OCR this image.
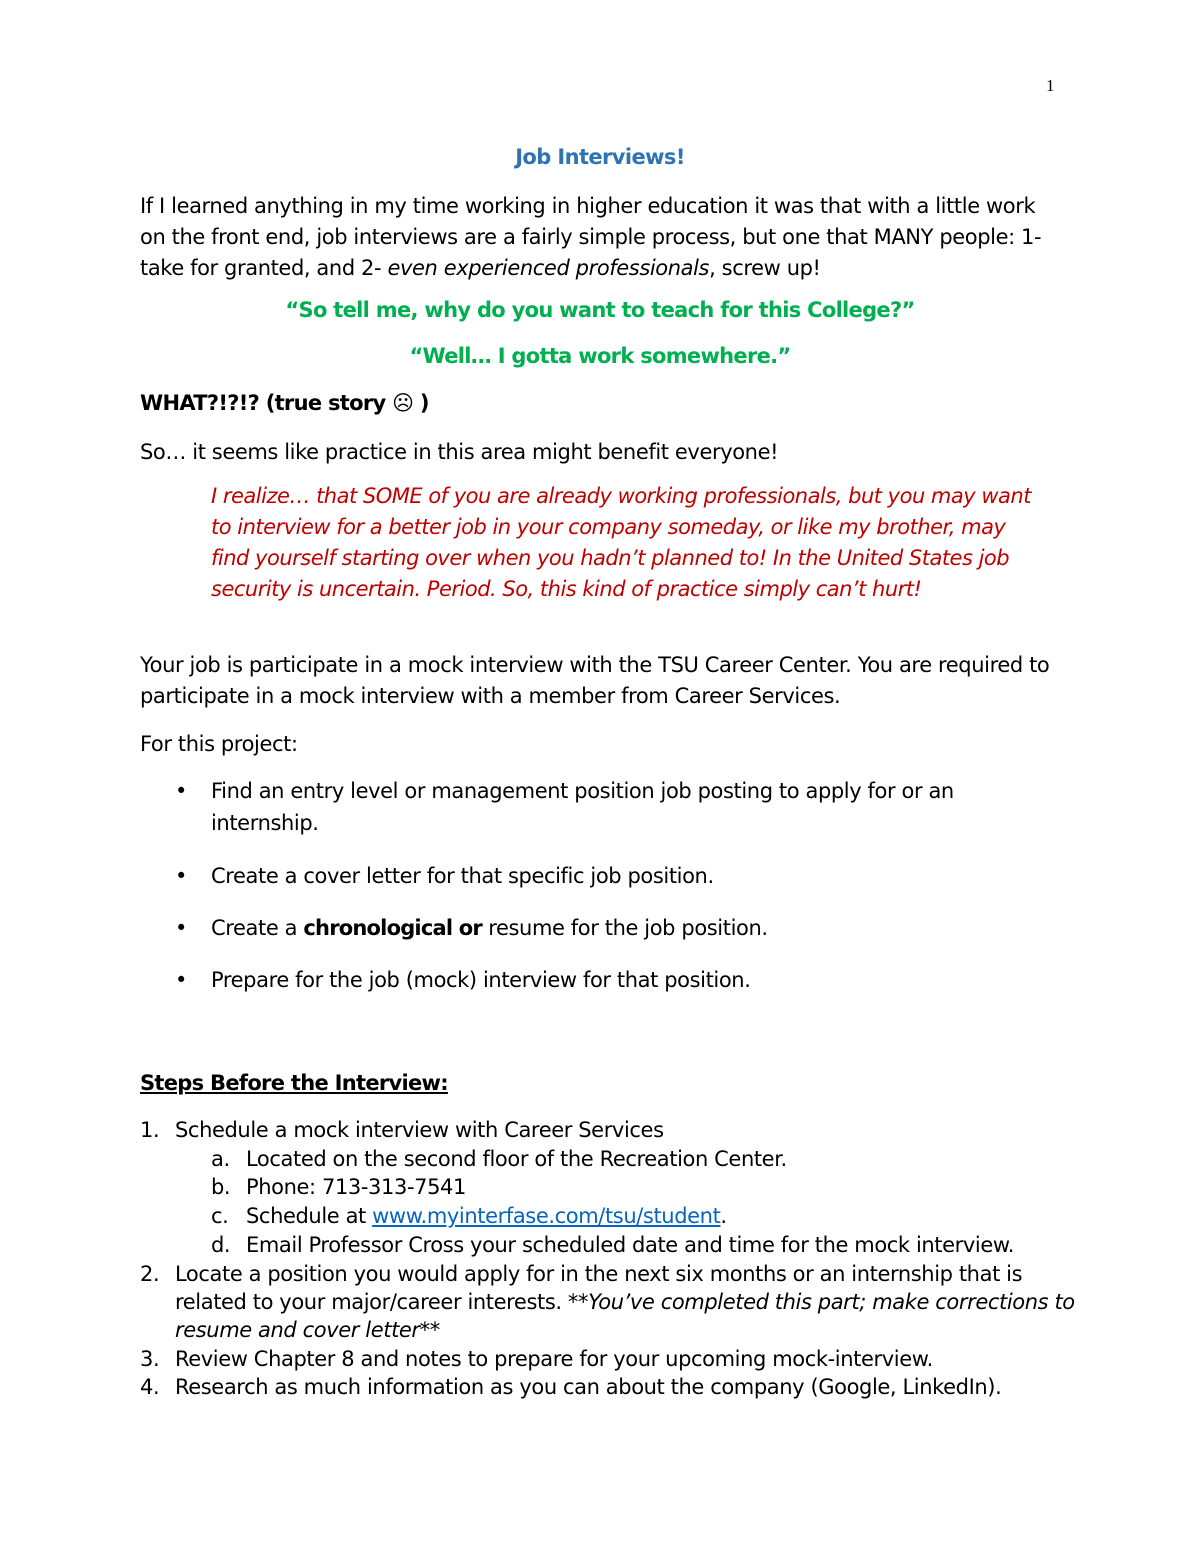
1
Job Interviews!
If I learned anything in my time working in higher education it was that with a little work on the front end, job interviews are a fairly simple process, but one that MANY people: 1- take for granted, and 2- even experienced professionals, screw up!
“So tell me, why do you want to teach for this College?”
“Well… I gotta work somewhere.”
WHAT?!?!? (true story ☹ )
So… it seems like practice in this area might benefit everyone!
I realize… that SOME of you are already working professionals, but you may want to interview for a better job in your company someday, or like my brother, may find yourself starting over when you hadn’t planned to! In the United States job security is uncertain. Period. So, this kind of practice simply can’t hurt!
Your job is participate in a mock interview with the TSU Career Center. You are required to participate in a mock interview with a member from Career Services.
For this project:
•	Find an entry level or management position job posting to apply for or an internship.
•	Create a cover letter for that specific job position.
•	Create a chronological or resume for the job position.
•	Prepare for the job (mock) interview for that position.
Steps Before the Interview:
1. Schedule a mock interview with Career Services
a. Located on the second floor of the Recreation Center.
b. Phone: 713-313-7541
c. Schedule at www.myinterfase.com/tsu/student.
d. Email Professor Cross your scheduled date and time for the mock interview.
2. Locate a position you would apply for in the next six months or an internship that is related to your major/career interests. **You’ve completed this part; make corrections to resume and cover letter**
3. Review Chapter 8 and notes to prepare for your upcoming mock-interview.
4. Research as much information as you can about the company (Google, LinkedIn).
